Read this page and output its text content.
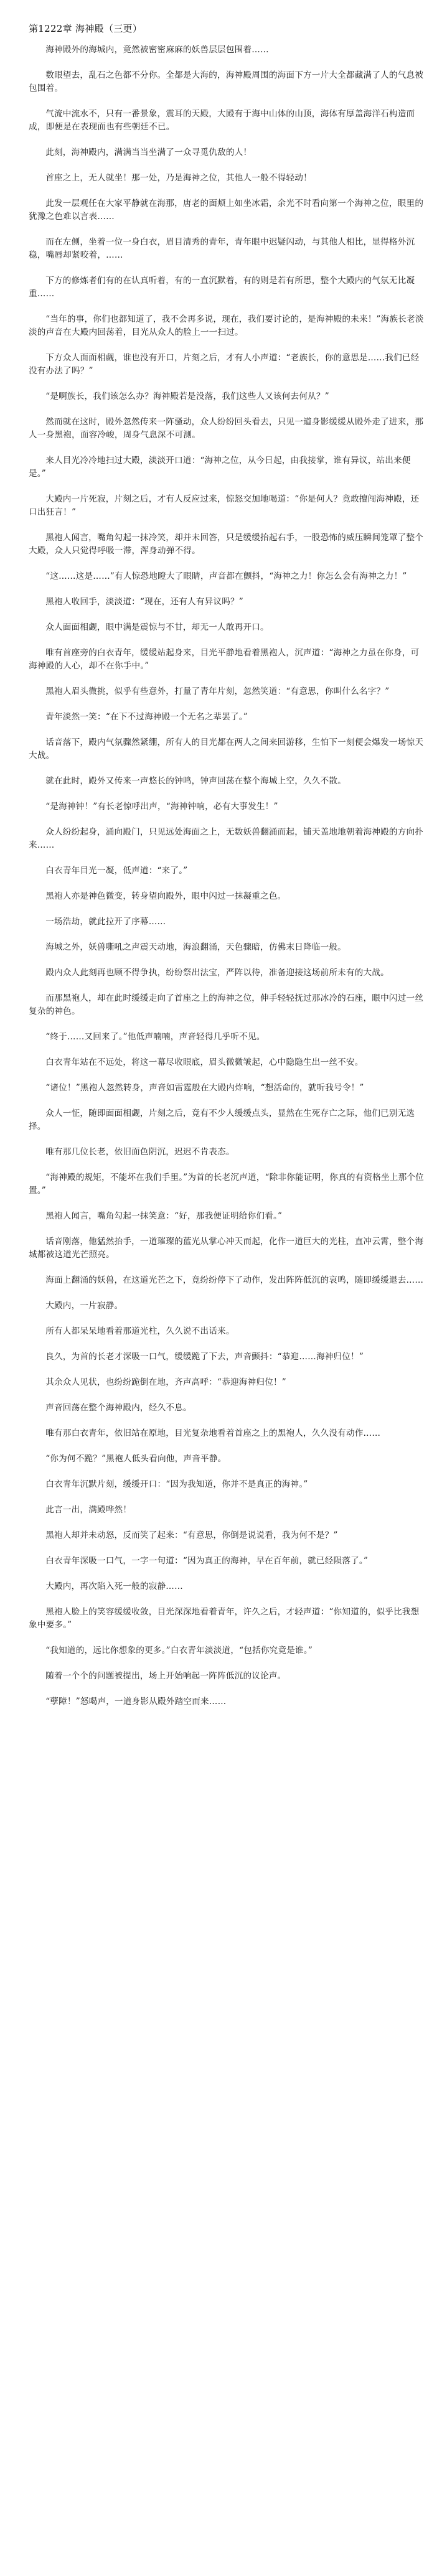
第1222章 海神殿（三更）
海神殿外的海城内，竟然被密密麻麻的妖兽层层包围着……
数眼望去，乱石之色都不分你。全都是大海的，海神殿周围的海面下方一片大全都藏满了人的气息被包围着。
气流中流水不，只有一番景象，震耳的天殿，大殿有于海中山体的山顶，海体有厚盖海洋石构造而成，即便是在表现面也有些朝廷不已。
此刻，海神殿内，满满当当坐满了一众寻觅仇敌的人！
首座之上，无人就坐！那一处，乃是海神之位，其他人一般不得轻动！
此发一层观任在大家平静就在海那，唐老的面颊上如坐冰霜，余光不时看向第一个海神之位，眼里的犹豫之色难以言表……
而在左侧，坐着一位一身白衣，眉目清秀的青年，青年眼中迟疑闪动，与其他人相比，显得格外沉稳，嘴唇却紧咬着，……
下方的修炼者们有的在认真听着，有的一直沉默着，有的则是若有所思，整个大殿内的气氛无比凝重……
“当年的事，你们也都知道了，我不会再多说，现在，我们要讨论的，是海神殿的未来！”海族长老淡淡的声音在大殿内回荡着，目光从众人的脸上一一扫过。
下方众人面面相觑，谁也没有开口，片刻之后，才有人小声道：“老族长，你的意思是……我们已经没有办法了吗？”
“是啊族长，我们该怎么办？海神殿若是没落，我们这些人又该何去何从？”
然而就在这时，殿外忽然传来一阵骚动，众人纷纷回头看去，只见一道身影缓缓从殿外走了进来，那人一身黑袍，面容冷峻，周身气息深不可测。
来人目光冷冷地扫过大殿，淡淡开口道：“海神之位，从今日起，由我接掌，谁有异议，站出来便是。”
大殿内一片死寂，片刻之后，才有人反应过来，惊怒交加地喝道：“你是何人？竟敢擅闯海神殿，还口出狂言！”
黑袍人闻言，嘴角勾起一抹冷笑，却并未回答，只是缓缓抬起右手，一股恐怖的威压瞬间笼罩了整个大殿，众人只觉得呼吸一滞，浑身动弹不得。
“这……这是……”有人惊恐地瞪大了眼睛，声音都在颤抖，“海神之力！你怎么会有海神之力！”
黑袍人收回手，淡淡道：“现在，还有人有异议吗？”
众人面面相觑，眼中满是震惊与不甘，却无一人敢再开口。
唯有首座旁的白衣青年，缓缓站起身来，目光平静地看着黑袍人，沉声道：“海神之力虽在你身，可海神殿的人心，却不在你手中。”
黑袍人眉头微挑，似乎有些意外，打量了青年片刻，忽然笑道：“有意思，你叫什么名字？”
青年淡然一笑：“在下不过海神殿一个无名之辈罢了。”
话音落下，殿内气氛骤然紧绷，所有人的目光都在两人之间来回游移，生怕下一刻便会爆发一场惊天大战。
就在此时，殿外又传来一声悠长的钟鸣，钟声回荡在整个海城上空，久久不散。
“是海神钟！”有长老惊呼出声，“海神钟响，必有大事发生！”
众人纷纷起身，涌向殿门，只见远处海面之上，无数妖兽翻涌而起，铺天盖地地朝着海神殿的方向扑来……
白衣青年目光一凝，低声道：“来了。”
黑袍人亦是神色微变，转身望向殿外，眼中闪过一抹凝重之色。
一场浩劫，就此拉开了序幕……
海城之外，妖兽嘶吼之声震天动地，海浪翻涌，天色骤暗，仿佛末日降临一般。
殿内众人此刻再也顾不得争执，纷纷祭出法宝，严阵以待，准备迎接这场前所未有的大战。
而那黑袍人，却在此时缓缓走向了首座之上的海神之位，伸手轻轻抚过那冰冷的石座，眼中闪过一丝复杂的神色。
“终于……又回来了。”他低声喃喃，声音轻得几乎听不见。
白衣青年站在不远处，将这一幕尽收眼底，眉头微微皱起，心中隐隐生出一丝不安。
“诸位！”黑袍人忽然转身，声音如雷霆般在大殿内炸响，“想活命的，就听我号令！”
众人一怔，随即面面相觑，片刻之后，竟有不少人缓缓点头，显然在生死存亡之际，他们已别无选择。
唯有那几位长老，依旧面色阴沉，迟迟不肯表态。
“海神殿的规矩，不能坏在我们手里。”为首的长老沉声道，“除非你能证明，你真的有资格坐上那个位置。”
黑袍人闻言，嘴角勾起一抹笑意：“好，那我便证明给你们看。”
话音刚落，他猛然抬手，一道璀璨的蓝光从掌心冲天而起，化作一道巨大的光柱，直冲云霄，整个海城都被这道光芒照亮。
海面上翻涌的妖兽，在这道光芒之下，竟纷纷停下了动作，发出阵阵低沉的哀鸣，随即缓缓退去……
大殿内，一片寂静。
所有人都呆呆地看着那道光柱，久久说不出话来。
良久，为首的长老才深吸一口气，缓缓跪了下去，声音颤抖：“恭迎……海神归位！”
其余众人见状，也纷纷跪倒在地，齐声高呼：“恭迎海神归位！”
声音回荡在整个海神殿内，经久不息。
唯有那白衣青年，依旧站在原地，目光复杂地看着首座之上的黑袍人，久久没有动作……
“你为何不跪？”黑袍人低头看向他，声音平静。
白衣青年沉默片刻，缓缓开口：“因为我知道，你并不是真正的海神。”
此言一出，满殿哗然！
黑袍人却并未动怒，反而笑了起来：“有意思，你倒是说说看，我为何不是？”
白衣青年深吸一口气，一字一句道：“因为真正的海神，早在百年前，就已经陨落了。”
大殿内，再次陷入死一般的寂静……
黑袍人脸上的笑容缓缓收敛，目光深深地看着青年，许久之后，才轻声道：“你知道的，似乎比我想象中要多。”
“我知道的，远比你想象的更多。”白衣青年淡淡道，“包括你究竟是谁。”
随着一个个的问题被提出，场上开始响起一阵阵低沉的议论声。
“孽障！”怒喝声，一道身影从殿外踏空而来……
